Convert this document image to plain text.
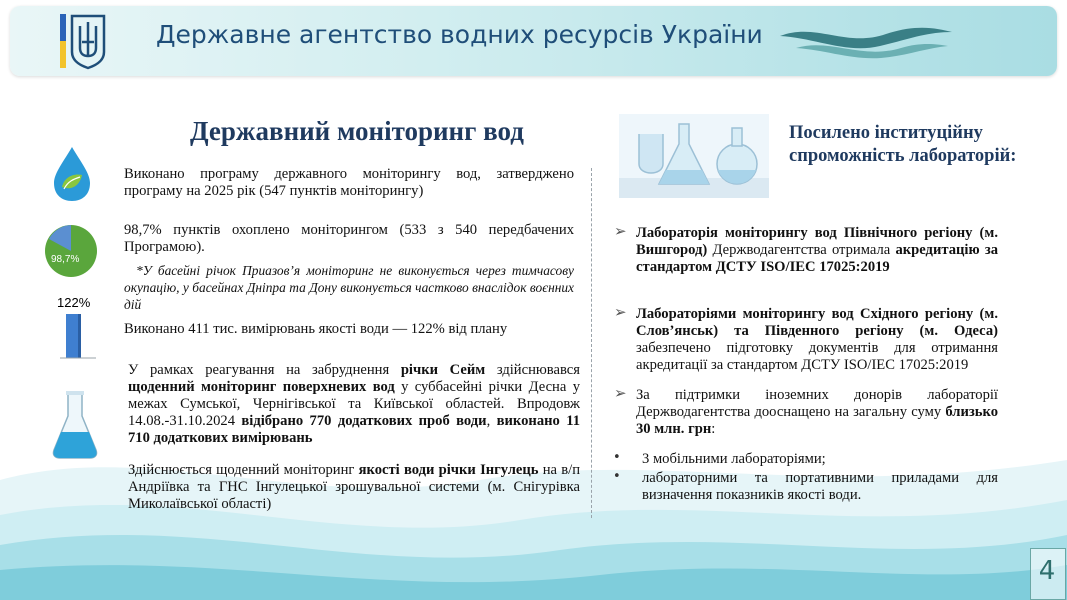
Державне агентство водних ресурсів України
Державний моніторинг вод
Виконано програму державного моніторингу вод, затверджено програму на 2025 рік (547 пунктів моніторингу)
98,7%
98,7% пунктів охоплено моніторингом (533 з 540 передбачених Програмою).
*У басейні річок Приазов’я моніторинг не виконується через тимчасову окупацію, у басейнах Дніпра та Дону виконується частково внаслідок воєнних дій
122%
Виконано 411 тис. вимірювань якості води — 122% від плану
У рамках реагування на забруднення річки Сейм здійснювався щоденний моніторинг поверхневих вод у суббасейні річки Десна у межах Сумської, Чернігівської та Київської областей. Впродовж 14.08.-31.10.2024 відібрано 770 додаткових проб води, виконано 11 710 додаткових вимірювань
Здійснюється щоденний моніторинг якості води річки Інгулець на в/п Андріївка та ГНС Інгулецької зрошувальної системи (м. Снігурівка Миколаївської області)
Посилено інституційну спроможність лабораторій:
➢ Лабораторія моніторингу вод Північного регіону (м. Вишгород) Держводагентства отримала акредитацію за стандартом ДСТУ ISO/IEC 17025:2019
➢ Лабораторіями моніторингу вод Східного регіону (м. Слов’янськ) та Південного регіону (м. Одеса) забезпечено підготовку документів для отримання акредитації за стандартом ДСТУ ISO/IEC 17025:2019
➢ За підтримки іноземних донорів лабораторії Держводагентства дооснащено на загальну суму близько 30 млн. грн:
• 3 мобільними лабораторіями;
• лабораторними та портативними приладами для визначення показників якості води.
4
